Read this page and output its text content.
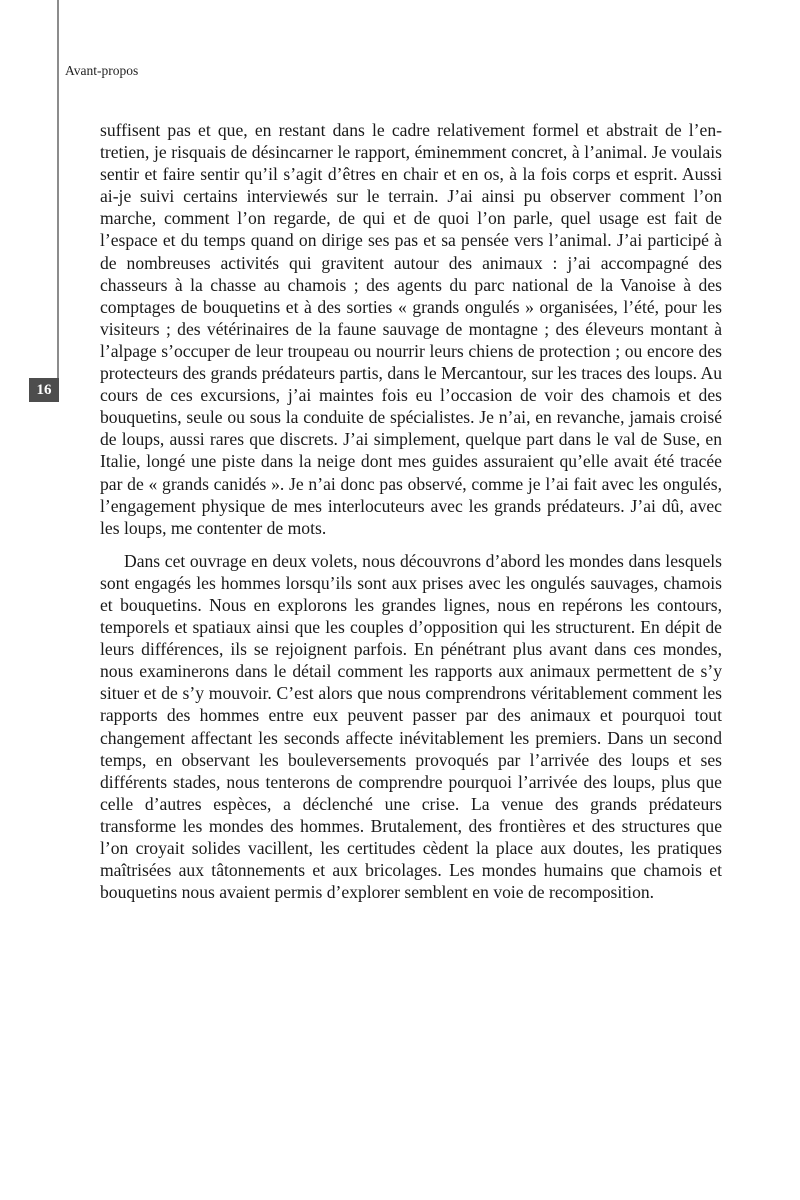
Avant-propos
16

suffisent pas et que, en restant dans le cadre relativement formel et abstrait de l’entretien, je risquais de désincarner le rapport, éminemment concret, à l’animal. Je voulais sentir et faire sentir qu’il s’agit d’êtres en chair et en os, à la fois corps et esprit. Aussi ai-je suivi certains interviewés sur le terrain. J’ai ainsi pu observer comment l’on marche, comment l’on regarde, de qui et de quoi l’on parle, quel usage est fait de l’espace et du temps quand on dirige ses pas et sa pensée vers l’animal. J’ai participé à de nombreuses activités qui gravitent autour des animaux : j’ai accompagné des chasseurs à la chasse au chamois ; des agents du parc national de la Vanoise à des comptages de bouquetins et à des sorties « grands ongulés » organisées, l’été, pour les visiteurs ; des vétérinaires de la faune sauvage de montagne ; des éleveurs montant à l’alpage s’occuper de leur troupeau ou nourrir leurs chiens de protection ; ou encore des protecteurs des grands prédateurs partis, dans le Mercantour, sur les traces des loups. Au cours de ces excursions, j’ai maintes fois eu l’occasion de voir des chamois et des bouquetins, seule ou sous la conduite de spécialistes. Je n’ai, en revanche, jamais croisé de loups, aussi rares que discrets. J’ai simplement, quelque part dans le val de Suse, en Italie, longé une piste dans la neige dont mes guides assuraient qu’elle avait été tracée par de « grands canidés ». Je n’ai donc pas observé, comme je l’ai fait avec les ongulés, l’engagement physique de mes interlocuteurs avec les grands prédateurs. J’ai dû, avec les loups, me contenter de mots.

Dans cet ouvrage en deux volets, nous découvrons d’abord les mondes dans lesquels sont engagés les hommes lorsqu’ils sont aux prises avec les ongulés sauvages, chamois et bouquetins. Nous en explorons les grandes lignes, nous en repérons les contours, temporels et spatiaux ainsi que les couples d’opposition qui les structurent. En dépit de leurs différences, ils se rejoignent parfois. En pénétrant plus avant dans ces mondes, nous examinerons dans le détail comment les rapports aux animaux permettent de s’y situer et de s’y mouvoir. C’est alors que nous comprendrons véritablement comment les rapports des hommes entre eux peuvent passer par des animaux et pourquoi tout changement affectant les seconds affecte inévitablement les premiers. Dans un second temps, en observant les bouleversements provoqués par l’arrivée des loups et ses différents stades, nous tenterons de comprendre pourquoi l’arrivée des loups, plus que celle d’autres espèces, a déclenché une crise. La venue des grands prédateurs transforme les mondes des hommes. Brutalement, des frontières et des structures que l’on croyait solides vacillent, les certitudes cèdent la place aux doutes, les pratiques maîtrisées aux tâtonnements et aux bricolages. Les mondes humains que chamois et bouquetins nous avaient permis d’explorer semblent en voie de recomposition.
